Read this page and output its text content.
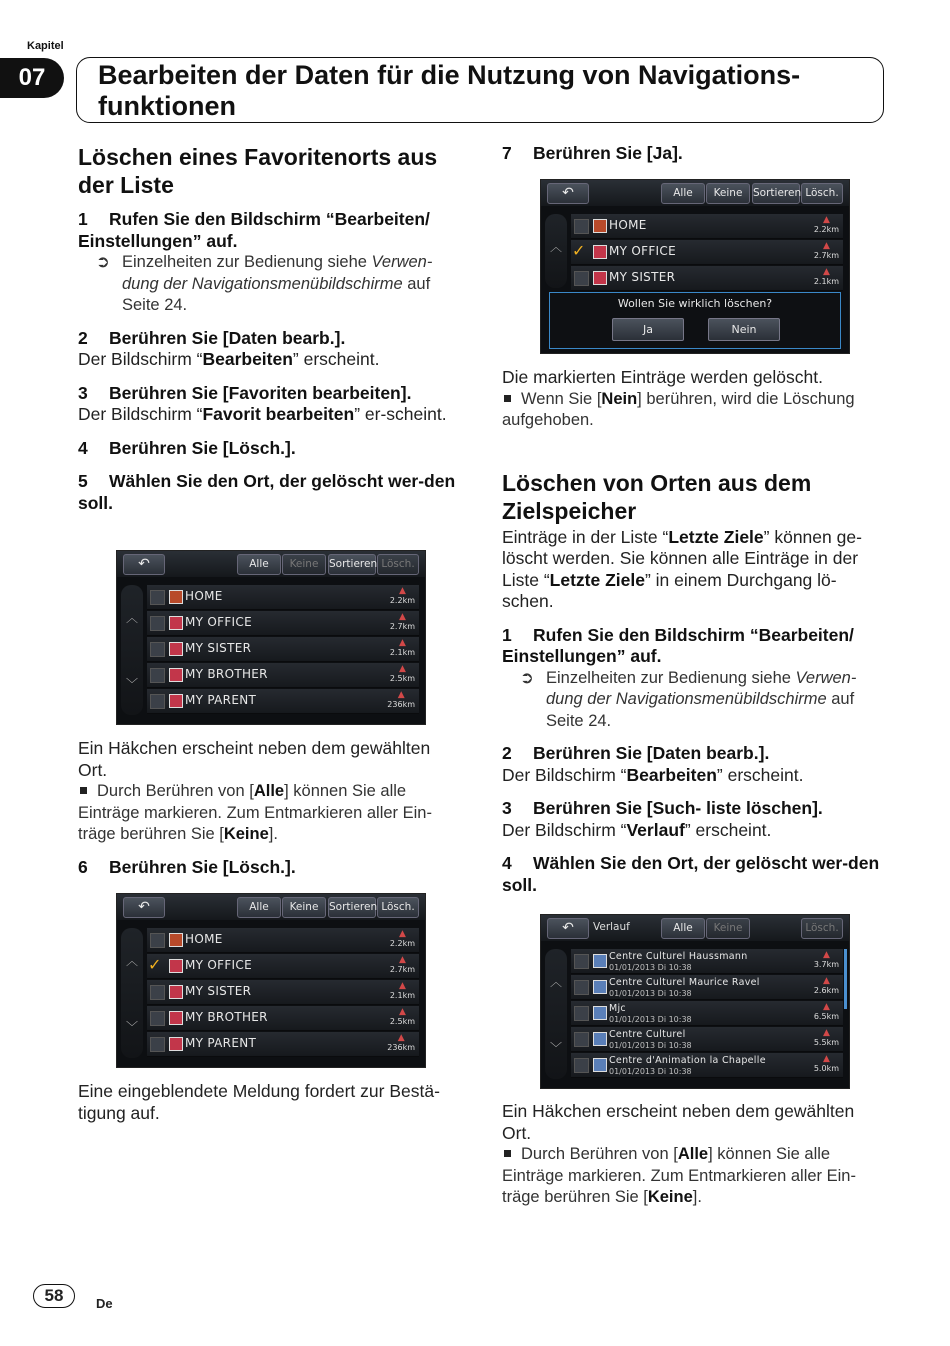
Kapitel
07	Bearbeiten der Daten für die Nutzung von Navigations-funktionen
Löschen eines Favoritenorts aus der Liste
1 Rufen Sie den Bildschirm “Bearbeiten/ Einstellungen” auf.
➲ Einzelheiten zur Bedienung siehe Verwen-dung der Navigationsmenübildschirme auf Seite 24.
2 Berühren Sie [Daten bearb.].

Der Bildschirm “Bearbeiten” erscheint.

3 Berühren Sie [Favoriten bearbeiten].

Der Bildschirm “Favorit bearbeiten” er-scheint.

4 Berühren Sie [Lösch.].
5 Wählen Sie den Ort, der gelöscht wer-den soll.
↶	Alle	Keine	Sortieren Lösch.
︿
﹀
HOME	▲
2.2km
MY OFFICE	▲
2.7km
MY SISTER	▲
2.1km
MY BROTHER	▲
2.5km
MY PARENT	▲
236km

Ein Häkchen erscheint neben dem gewählten Ort.

Durch Berühren von [Alle] können Sie alle Einträge markieren. Zum Entmarkieren aller Ein-träge berühren Sie [Keine].
6 Berühren Sie [Lösch.].
↶	Alle	Keine	Sortieren Lösch.
︿
﹀
HOME	▲
2.2km
✓ MY OFFICE	▲
2.7km
MY SISTER	▲
2.1km
MY BROTHER	▲
2.5km
MY PARENT	▲
236km

Eine eingeblendete Meldung fordert zur Bestä-tigung auf.

7 Berühren Sie [Ja].
↶	Alle	Keine	Sortieren Lösch.
︿
HOME	▲
2.2km
✓ MY OFFICE	▲
2.7km
MY SISTER	▲
2.1km
Wollen Sie wirklich löschen?
Ja	Nein

Die markierten Einträge werden gelöscht.

Wenn Sie [Nein] berühren, wird die Löschung aufgehoben.
Löschen von Orten aus dem Zielspeicher

Einträge in der Liste “Letzte Ziele” können ge-löscht werden. Sie können alle Einträge in der Liste “Letzte Ziele” in einem Durchgang lö-schen.

1 Rufen Sie den Bildschirm “Bearbeiten/ Einstellungen” auf.
➲ Einzelheiten zur Bedienung siehe Verwen-dung der Navigationsmenübildschirme auf Seite 24.
2 Berühren Sie [Daten bearb.].

Der Bildschirm “Bearbeiten” erscheint.

3 Berühren Sie [Such- liste löschen].

Der Bildschirm “Verlauf” erscheint.

4 Wählen Sie den Ort, der gelöscht wer-den soll.
↶	Verlauf	Alle	Keine	Lösch.
︿
﹀
Centre Culturel Haussmann
01/01/2013 Di 10:38
▲
3.7km
Centre Culturel Maurice Ravel
01/01/2013 Di 10:38
▲
2.6km
Mjc
01/01/2013 Di 10:38
▲
6.5km
Centre Culturel
01/01/2013 Di 10:38
▲
5.5km
Centre d'Animation la Chapelle
01/01/2013 Di 10:38
▲
5.0km

Ein Häkchen erscheint neben dem gewählten Ort.

Durch Berühren von [Alle] können Sie alle Einträge markieren. Zum Entmarkieren aller Ein-träge berühren Sie [Keine].
58	De
